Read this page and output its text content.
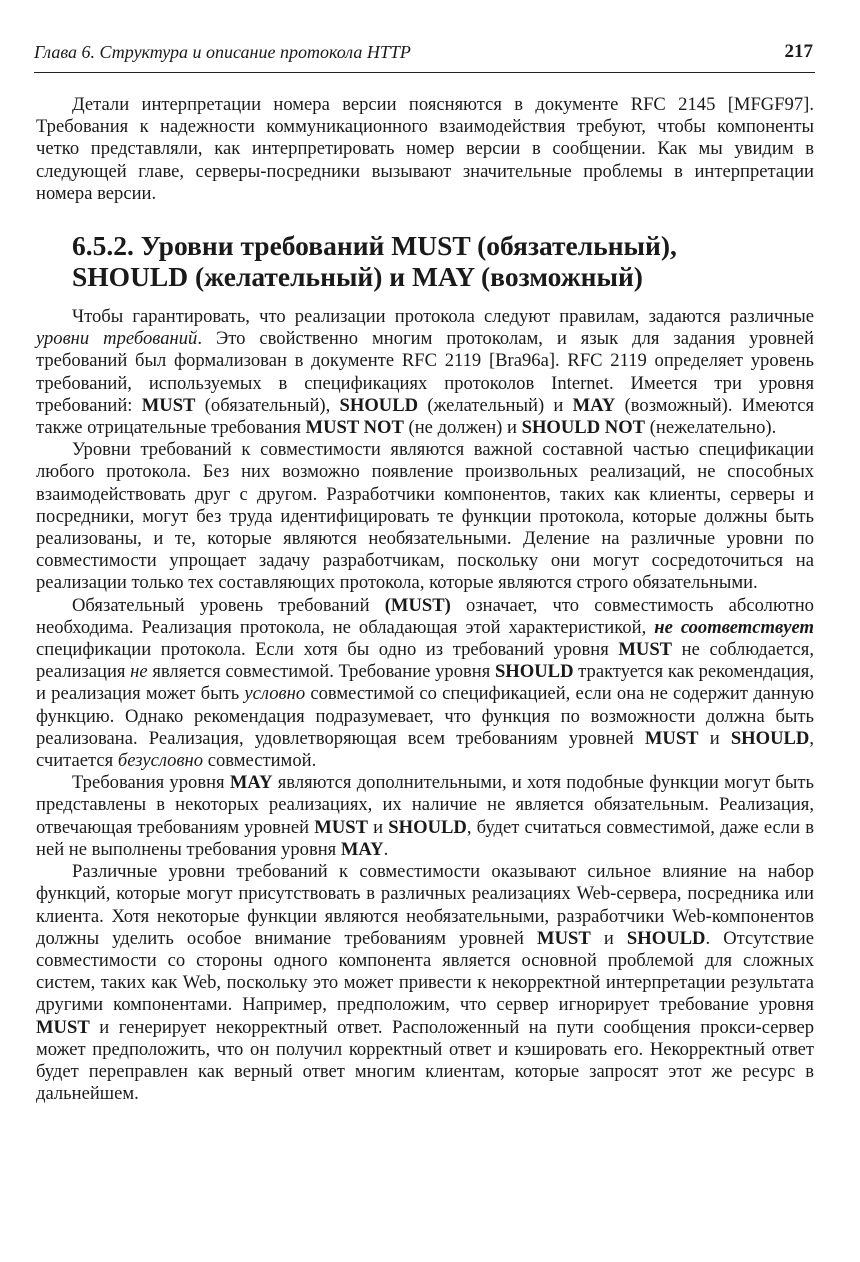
Глава 6. Структура и описание протокола HTTP	217

Детали интерпретации номера версии поясняются в документе RFC 2145 [MFGF97]. Требования к надежности коммуникационного взаимодействия требуют, чтобы компоненты четко представляли, как интерпретировать номер версии в сообщении. Как мы увидим в следующей главе, серверы-посредники вызывают значительные проблемы в интерпретации номера версии.

6.5.2. Уровни требований MUST (обязательный),
SHOULD (желательный) и MAY (возможный)

Чтобы гарантировать, что реализации протокола следуют правилам, задаются различные уровни требований. Это свойственно многим протоколам, и язык для задания уровней требований был формализован в документе RFC 2119 [Bra96a]. RFC 2119 определяет уровень требований, используемых в спецификациях протоколов Internet. Имеется три уровня требований: MUST (обязательный), SHOULD (желательный) и MAY (возможный). Имеются также отрицательные требования MUST NOT (не должен) и SHOULD NOT (нежелательно).

Уровни требований к совместимости являются важной составной частью спецификации любого протокола. Без них возможно появление произвольных реализаций, не способных взаимодействовать друг с другом. Разработчики компонентов, таких как клиенты, серверы и посредники, могут без труда идентифицировать те функции протокола, которые должны быть реализованы, и те, которые являются необязательными. Деление на различные уровни по совместимости упрощает задачу разработчикам, поскольку они могут сосредоточиться на реализации только тех составляющих протокола, которые являются строго обязательными.

Обязательный уровень требований (MUST) означает, что совместимость абсолютно необходима. Реализация протокола, не обладающая этой характеристикой, не соответствует спецификации протокола. Если хотя бы одно из требований уровня MUST не соблюдается, реализация не является совместимой. Требование уровня SHOULD трактуется как рекомендация, и реализация может быть условно совместимой со спецификацией, если она не содержит данную функцию. Однако рекомендация подразумевает, что функция по возможности должна быть реализована. Реализация, удовлетворяющая всем требованиям уровней MUST и SHOULD, считается безусловно совместимой.

Требования уровня MAY являются дополнительными, и хотя подобные функции могут быть представлены в некоторых реализациях, их наличие не является обязательным. Реализация, отвечающая требованиям уровней MUST и SHOULD, будет считаться совместимой, даже если в ней не выполнены требования уровня MAY.

Различные уровни требований к совместимости оказывают сильное влияние на набор функций, которые могут присутствовать в различных реализациях Web-сервера, посредника или клиента. Хотя некоторые функции являются необязательными, разработчики Web-компонентов должны уделить особое внимание требованиям уровней MUST и SHOULD. Отсутствие совместимости со стороны одного компонента является основной проблемой для сложных систем, таких как Web, поскольку это может привести к некорректной интерпретации результата другими компонентами. Например, предположим, что сервер игнорирует требование уровня MUST и генерирует некорректный ответ. Расположенный на пути сообщения прокси-сервер может предположить, что он получил корректный ответ и кэшировать его. Некорректный ответ будет переправлен как верный ответ многим клиентам, которые запросят этот же ресурс в дальнейшем.
